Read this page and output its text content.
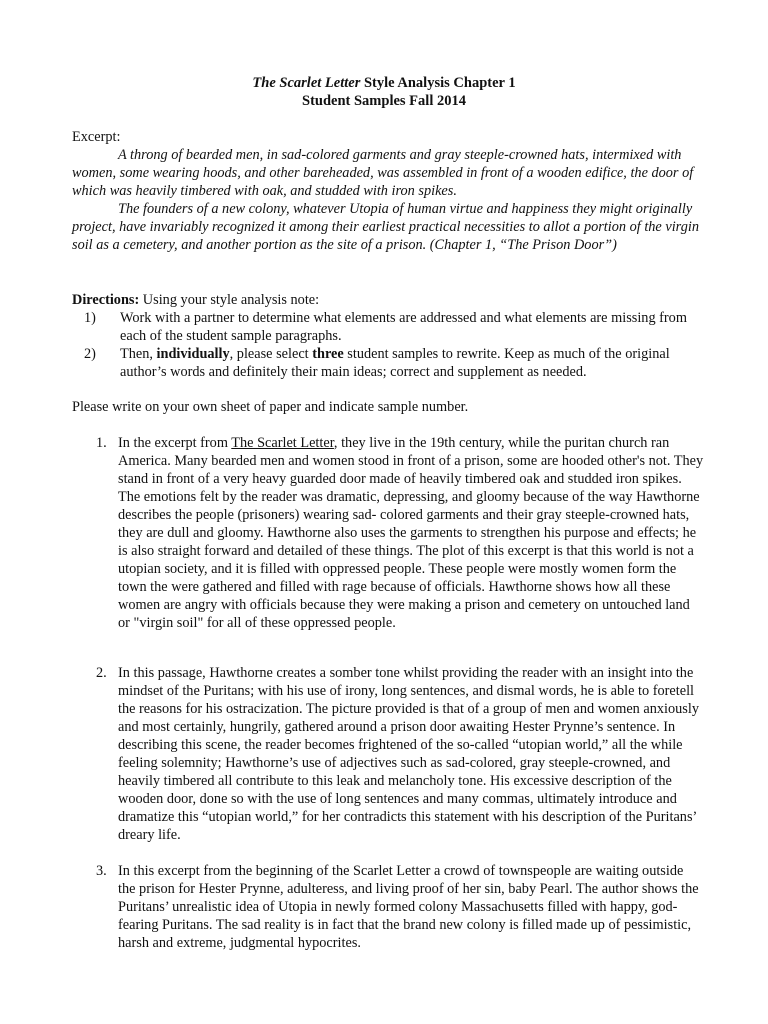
The Scarlet Letter Style Analysis Chapter 1
Student Samples Fall 2014
Excerpt:

A throng of bearded men, in sad-colored garments and gray steeple-crowned hats, intermixed with women, some wearing hoods, and other bareheaded, was assembled in front of a wooden edifice, the door of which was heavily timbered with oak, and studded with iron spikes.

The founders of a new colony, whatever Utopia of human virtue and happiness they might originally project, have invariably recognized it among their earliest practical necessities to allot a portion of the virgin soil as a cemetery, and another portion as the site of a prison. (Chapter 1, “The Prison Door”)

Directions: Using your style analysis note:
1) Work with a partner to determine what elements are addressed and what elements are missing from each of the student sample paragraphs.
2) Then, individually, please select three student samples to rewrite. Keep as much of the original author’s words and definitely their main ideas; correct and supplement as needed.
Please write on your own sheet of paper and indicate sample number.
1. In the excerpt from The Scarlet Letter, they live in the 19th century, while the puritan church ran America. Many bearded men and women stood in front of a prison, some are hooded other's not. They stand in front of a very heavy guarded door made of heavily timbered oak and studded iron spikes. The emotions felt by the reader was dramatic, depressing, and gloomy because of the way Hawthorne describes the people (prisoners) wearing sad- colored garments and their gray steeple-crowned hats, they are dull and gloomy. Hawthorne also uses the garments to strengthen his purpose and effects; he is also straight forward and detailed of these things. The plot of this excerpt is that this world is not a utopian society, and it is filled with oppressed people. These people were mostly women form the town the were gathered and filled with rage because of officials. Hawthorne shows how all these women are angry with officials because they were making a prison and cemetery on untouched land or "virgin soil" for all of these oppressed people.
2. In this passage, Hawthorne creates a somber tone whilst providing the reader with an insight into the mindset of the Puritans; with his use of irony, long sentences, and dismal words, he is able to foretell the reasons for his ostracization. The picture provided is that of a group of men and women anxiously and most certainly, hungrily, gathered around a prison door awaiting Hester Prynne’s sentence. In describing this scene, the reader becomes frightened of the so-called “utopian world,” all the while feeling solemnity; Hawthorne’s use of adjectives such as sad-colored, gray steeple-crowned, and heavily timbered all contribute to this leak and melancholy tone. His excessive description of the wooden door, done so with the use of long sentences and many commas, ultimately introduce and dramatize this “utopian world,” for her contradicts this statement with his description of the Puritans’ dreary life.
3. In this excerpt from the beginning of the Scarlet Letter a crowd of townspeople are waiting outside the prison for Hester Prynne, adulteress, and living proof of her sin, baby Pearl. The author shows the Puritans’ unrealistic idea of Utopia in newly formed colony Massachusetts filled with happy, god- fearing Puritans. The sad reality is in fact that the brand new colony is filled made up of pessimistic, harsh and extreme, judgmental hypocrites.
